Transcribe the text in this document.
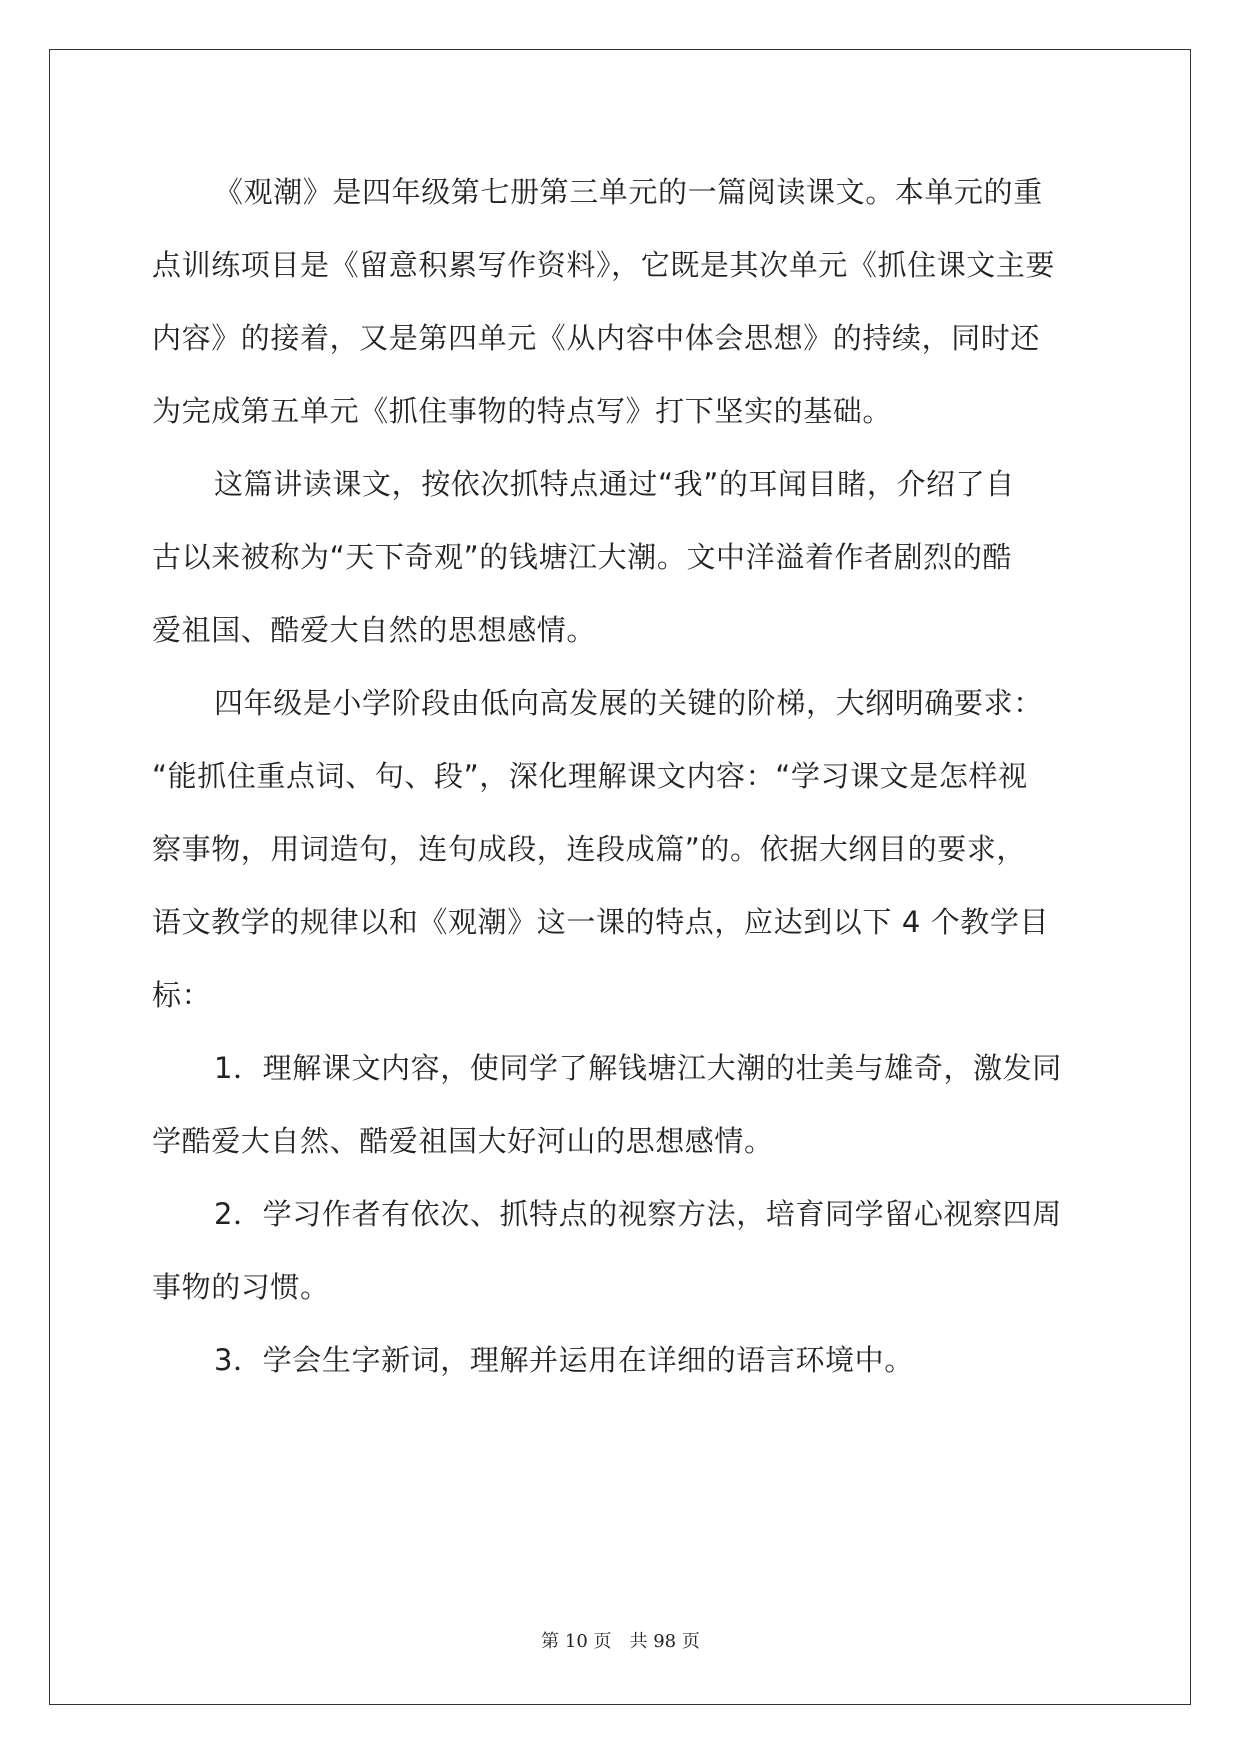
《观潮》是四年级第七册第三单元的一篇阅读课文。本单元的重
点训练项目是《留意积累写作资料》，它既是其次单元《抓住课文主要
内容》的接着，又是第四单元《从内容中体会思想》的持续，同时还
为完成第五单元《抓住事物的特点写》打下坚实的基础。
这篇讲读课文，按依次抓特点通过“我”的耳闻目睹，介绍了自
古以来被称为“天下奇观”的钱塘江大潮。文中洋溢着作者剧烈的酷
爱祖国、酷爱大自然的思想感情。
四年级是小学阶段由低向高发展的关键的阶梯，大纲明确要求：
“能抓住重点词、句、段”，深化理解课文内容：“学习课文是怎样视
察事物，用词造句，连句成段，连段成篇”的。依据大纲目的要求，
语文教学的规律以和《观潮》这一课的特点，应达到以下 4 个教学目
标：
1．理解课文内容，使同学了解钱塘江大潮的壮美与雄奇，激发同
学酷爱大自然、酷爱祖国大好河山的思想感情。
2．学习作者有依次、抓特点的视察方法，培育同学留心视察四周
事物的习惯。
3．学会生字新词，理解并运用在详细的语言环境中。
第 10 页　共 98 页
